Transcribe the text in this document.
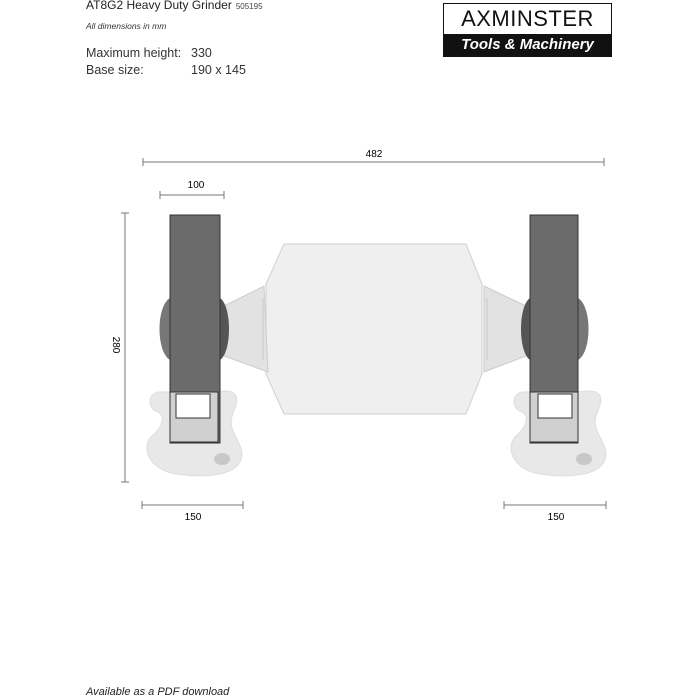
AT8G2 Heavy Duty Grinder 505195
All dimensions in mm
Maximum height: 330
Base size:	190 x 145
AXMINSTER
Tools & Machinery
482
100
280
150	150
Available as a PDF download
